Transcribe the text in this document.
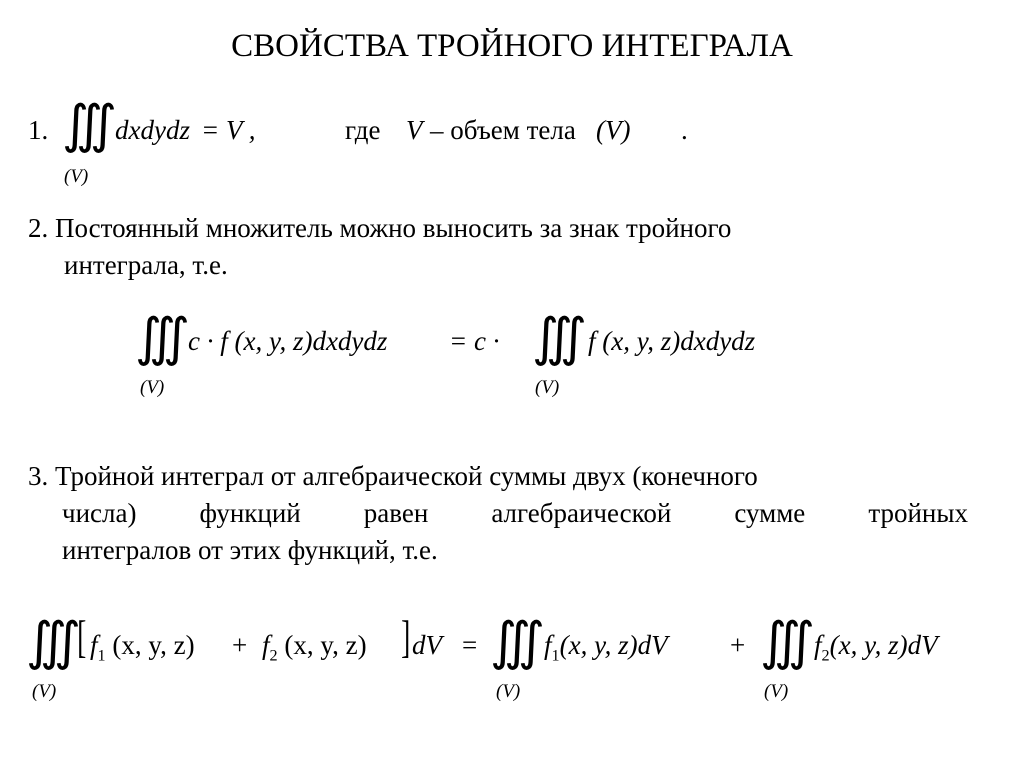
СВОЙСТВА ТРОЙНОГО ИНТЕГРАЛА
1. ∭
(V)
dxdydz = V ,	где V – объем тела (V) .
2. Постоянный множитель можно выносить за знак тройного
интеграла, т.е.
∭
(V)
c · f (x, y, z)dxdydz = c · ∭
(V)
f (x, y, z)dxdydz
3. Тройной интеграл от алгебраической суммы двух (конечного
числа) функций равен алгебраической сумме тройных
интегралов от этих функций, т.е.
∭
(V)
[ $f_1$ (x, y, $z) + f_2$ (x, y, z) ] dV = ∭
(V)
$f_1(x$, y, z)dV + ∭
(V)
$f_2(x$, y, z)dV
